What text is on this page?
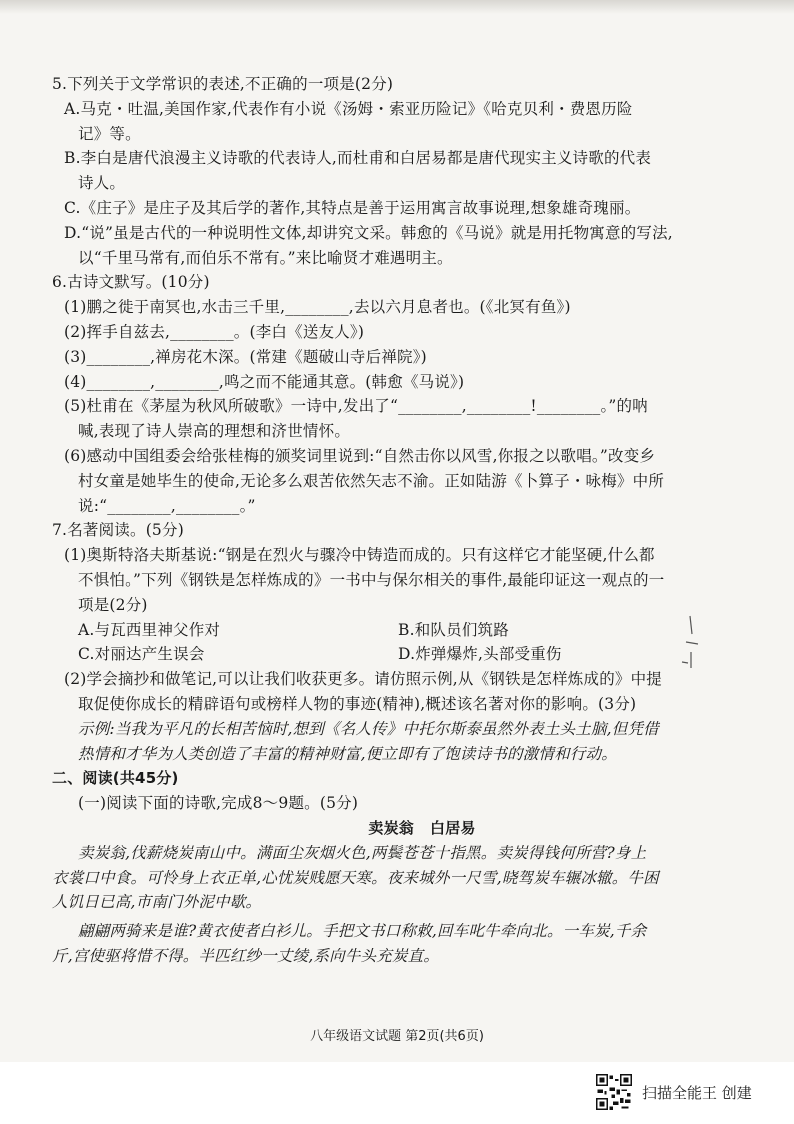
5.下列关于文学常识的表述,不正确的一项是(2分)
A.马克・吐温,美国作家,代表作有小说《汤姆・索亚历险记》《哈克贝利・费恩历险
记》等。
B.李白是唐代浪漫主义诗歌的代表诗人,而杜甫和白居易都是唐代现实主义诗歌的代表
诗人。
C.《庄子》是庄子及其后学的著作,其特点是善于运用寓言故事说理,想象雄奇瑰丽。
D.“说”虽是古代的一种说明性文体,却讲究文采。韩愈的《马说》就是用托物寓意的写法,
以“千里马常有,而伯乐不常有。”来比喻贤才难遇明主。
6.古诗文默写。(10分)
(1)鹏之徙于南冥也,水击三千里,________,去以六月息者也。(《北冥有鱼》)
(2)挥手自兹去,________。(李白《送友人》)
(3)________,禅房花木深。(常建《题破山寺后禅院》)
(4)________,________,鸣之而不能通其意。(韩愈《马说》)
(5)杜甫在《茅屋为秋风所破歌》一诗中,发出了“________,________!________。”的呐
喊,表现了诗人崇高的理想和济世情怀。
(6)感动中国组委会给张桂梅的颁奖词里说到:“自然击你以风雪,你报之以歌唱。”改变乡
村女童是她毕生的使命,无论多么艰苦依然矢志不渝。正如陆游《卜算子・咏梅》中所
说:“________,________。”
7.名著阅读。(5分)
(1)奥斯特洛夫斯基说:“钢是在烈火与骤冷中铸造而成的。只有这样它才能坚硬,什么都
不惧怕。”下列《钢铁是怎样炼成的》一书中与保尔相关的事件,最能印证这一观点的一
项是(2分)
A.与瓦西里神父作对	B.和队员们筑路
C.对丽达产生误会	D.炸弹爆炸,头部受重伤
(2)学会摘抄和做笔记,可以让我们收获更多。请仿照示例,从《钢铁是怎样炼成的》中提
取促使你成长的精辟语句或榜样人物的事迹(精神),概述该名著对你的影响。(3分)
示例:当我为平凡的长相苦恼时,想到《名人传》中托尔斯泰虽然外表土头土脑,但凭借
热情和才华为人类创造了丰富的精神财富,便立即有了饱读诗书的激情和行动。
二、阅读(共45分)
(一)阅读下面的诗歌,完成8～9题。(5分)
卖炭翁 白居易
卖炭翁,伐薪烧炭南山中。满面尘灰烟火色,两鬓苍苍十指黑。卖炭得钱何所营?身上
衣裳口中食。可怜身上衣正单,心忧炭贱愿天寒。夜来城外一尺雪,晓驾炭车辗冰辙。牛困
人饥日已高,市南门外泥中歇。
翩翩两骑来是谁?黄衣使者白衫儿。手把文书口称敕,回车叱牛牵向北。一车炭,千余
斤,宫使驱将惜不得。半匹红纱一丈绫,系向牛头充炭直。
八年级语文试题 第2页(共6页)
扫描全能王 创建
